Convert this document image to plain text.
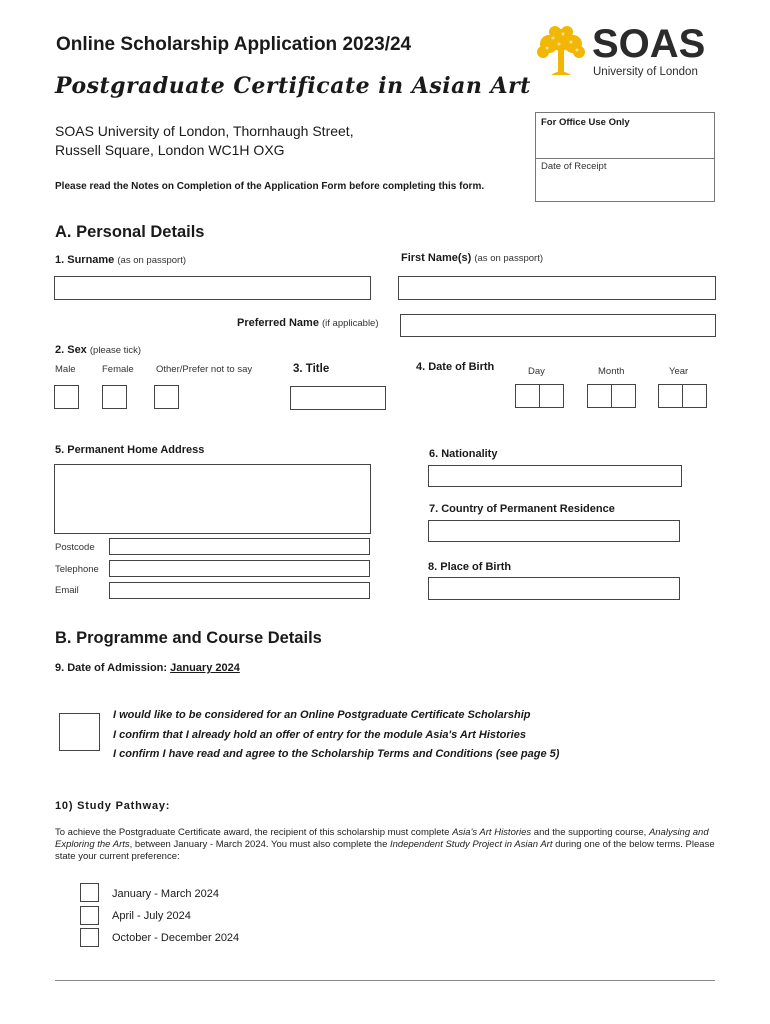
Online Scholarship Application 2023/24
Postgraduate Certificate in Asian Art
SOAS
University of London
SOAS University of London, Thornhaugh Street,
Russell Square, London WC1H OXG
For Office Use Only
Date of Receipt
Please read the Notes on Completion of the Application Form before completing this form.
A. Personal Details
1. Surname (as on passport)	First Name(s) (as on passport)
Preferred Name (if applicable)
2. Sex (please tick)
Male	Female Other/Prefer not to say	3. Title	4. Date of Birth	Day	Month	Year
5. Permanent Home Address
Postcode
Telephone
Email
6. Nationality
7. Country of Permanent Residence
8. Place of Birth
B. Programme and Course Details
9. Date of Admission: January 2024
I would like to be considered for an Online Postgraduate Certificate Scholarship
I confirm that I already hold an offer of entry for the module Asia's Art Histories
I confirm I have read and agree to the Scholarship Terms and Conditions (see page 5)
10) Study Pathway:
To achieve the Postgraduate Certificate award, the recipient of this scholarship must complete Asia's Art Histories and the supporting course, Analysing and Exploring the Arts, between January - March 2024. You must also complete the Independent Study Project in Asian Art during one of the below terms. Please state your current preference:
January - March 2024
April - July 2024
October - December 2024
